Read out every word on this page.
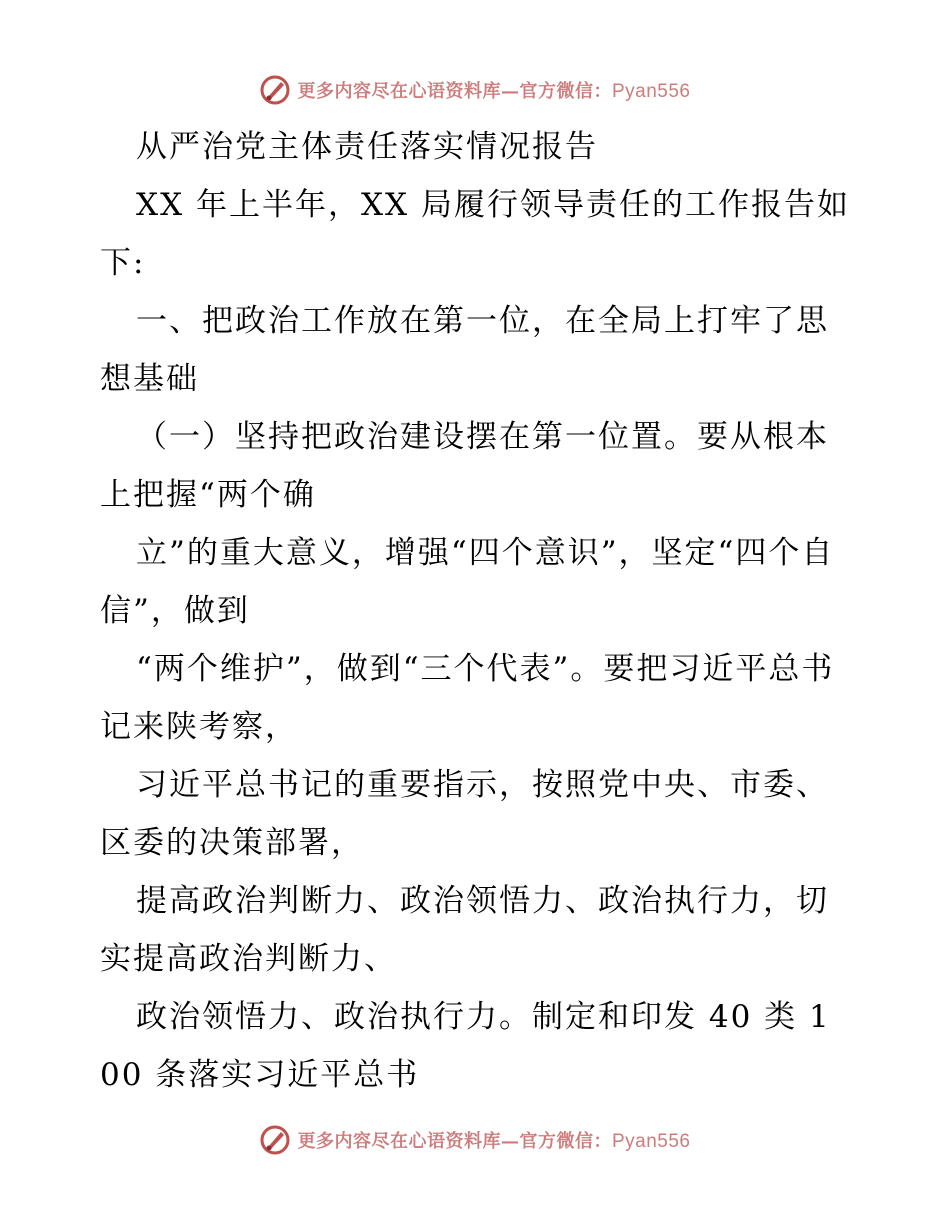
更多内容尽在心语资料库—官方微信：Pyan556

从严治党主体责任落实情况报告

XX 年上半年，XX 局履行领导责任的工作报告如下:

一、把政治工作放在第一位，在全局上打牢了思想基础

（一）坚持把政治建设摆在第一位置。要从根本上把握“两个确

立”的重大意义，增强“四个意识”，坚定“四个自信”，做到

“两个维护”，做到“三个代表”。要把习近平总书记来陕考察，

习近平总书记的重要指示，按照党中央、市委、区委的决策部署，

提高政治判断力、政治领悟力、政治执行力，切实提高政治判断力、

政治领悟力、政治执行力。制定和印发 40 类 100 条落实习近平总书

更多内容尽在心语资料库—官方微信：Pyan556
